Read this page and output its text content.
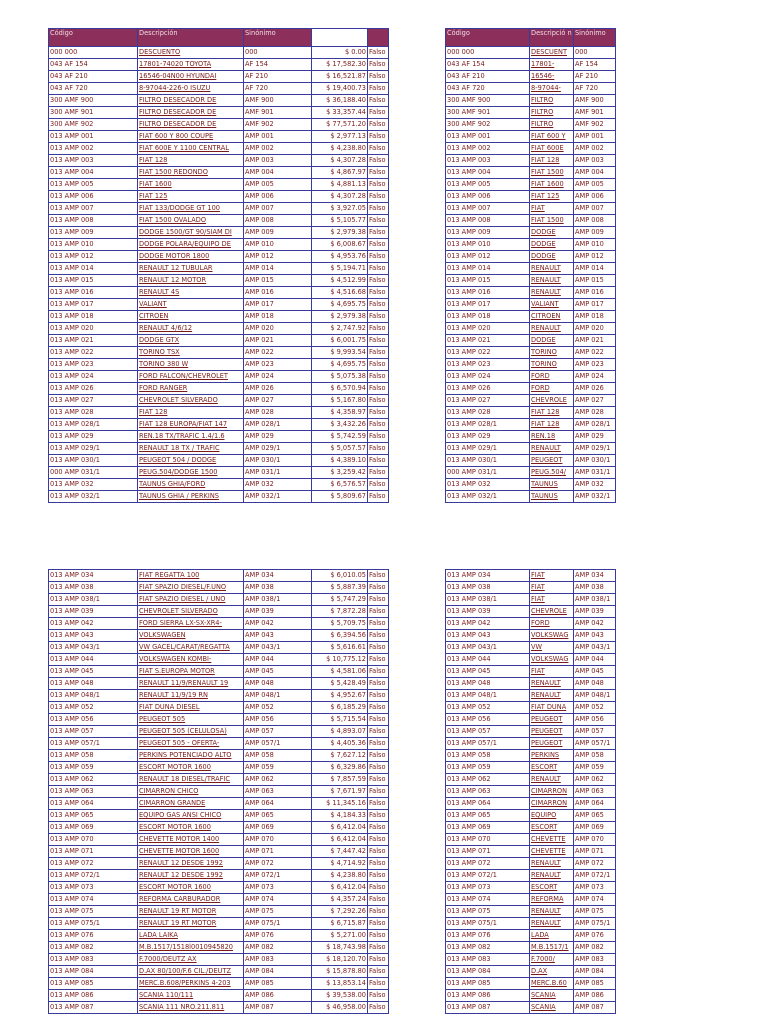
Código	Descripción	Sinónimo		
000 000	DESCUENTO	000	$ 0.00	Falso
043 AF 154	17801-74020 TOYOTA	AF 154	$ 17,582.30	Falso
043 AF 210	16546-04N00 HYUNDAI	AF 210	$ 16,521.87	Falso
043 AF 720	8-97044-226-0 ISUZU	AF 720	$ 19,400.73	Falso
300 AMF 900	FILTRO DESECADOR DE	AMF 900	$ 36,188.40	Falso
300 AMF 901	FILTRO DESECADOR DE	AMF 901	$ 33,357.44	Falso
300 AMF 902	FILTRO DESECADOR DE	AMF 902	$ 77,571.20	Falso
013 AMP 001	FIAT 600 Y 800 COUPE	AMP 001	$ 2,977.13	Falso
013 AMP 002	FIAT 600E Y 1100 CENTRAL	AMP 002	$ 4,238.80	Falso
013 AMP 003	FIAT 128	AMP 003	$ 4,307.28	Falso
013 AMP 004	FIAT 1500 REDONDO	AMP 004	$ 4,867.97	Falso
013 AMP 005	FIAT 1600	AMP 005	$ 4,881.13	Falso
013 AMP 006	FIAT 125	AMP 006	$ 4,307.28	Falso
013 AMP 007	FIAT 133/DODGE GT 100	AMP 007	$ 3,927.05	Falso
013 AMP 008	FIAT 1500 OVALADO	AMP 008	$ 5,105.77	Falso
013 AMP 009	DODGE 1500/GT 90/SIAM DI	AMP 009	$ 2,979.38	Falso
013 AMP 010	DODGE POLARA/EQUIPO DE	AMP 010	$ 6,008.67	Falso
013 AMP 012	DODGE MOTOR 1800	AMP 012	$ 4,953.76	Falso
013 AMP 014	RENAULT 12 TUBULAR	AMP 014	$ 5,194.71	Falso
013 AMP 015	RENAULT 12 MOTOR	AMP 015	$ 4,512.99	Falso
013 AMP 016	RENAULT 4S	AMP 016	$ 4,516.68	Falso
013 AMP 017	VALIANT	AMP 017	$ 4,695.75	Falso
013 AMP 018	CITROEN	AMP 018	$ 2,979.38	Falso
013 AMP 020	RENAULT 4/6/12	AMP 020	$ 2,747.92	Falso
013 AMP 021	DODGE GTX	AMP 021	$ 6,001.75	Falso
013 AMP 022	TORINO TSX	AMP 022	$ 9,993.54	Falso
013 AMP 023	TORINO 380 W	AMP 023	$ 4,695.75	Falso
013 AMP 024	FORD FALCON/CHEVROLET	AMP 024	$ 5,075.38	Falso
013 AMP 026	FORD RANGER	AMP 026	$ 6,570.94	Falso
013 AMP 027	CHEVROLET SILVERADO	AMP 027	$ 5,167.80	Falso
013 AMP 028	FIAT 128	AMP 028	$ 4,358.97	Falso
013 AMP 028/1	FIAT 128 EUROPA/FIAT 147	AMP 028/1	$ 3,432.26	Falso
013 AMP 029	REN.18 TX/TRAFIC 1.4/1.6	AMP 029	$ 5,742.59	Falso
013 AMP 029/1	RENAULT 18 TX / TRAFIC	AMP 029/1	$ 5,057.57	Falso
013 AMP 030/1	PEUGEOT 504 / DODGE	AMP 030/1	$ 4,389.10	Falso
000 AMP 031/1	PEUG.504/DODGE 1500	AMP 031/1	$ 3,259.42	Falso
013 AMP 032	TAUNUS GHIA/FORD	AMP 032	$ 6,576.57	Falso
013 AMP 032/1	TAUNUS GHIA / PERKINS	AMP 032/1	$ 5,809.67	Falso
Código	Descripció n	Sinónimo
000 000	DESCUENT	000
043 AF 154	17801-	AF 154
043 AF 210	16546-	AF 210
043 AF 720	8-97044-	AF 720
300 AMF 900	FILTRO	AMF 900
300 AMF 901	FILTRO	AMF 901
300 AMF 902	FILTRO	AMF 902
013 AMP 001	FIAT 600 Y	AMP 001
013 AMP 002	FIAT 600E	AMP 002
013 AMP 003	FIAT 128	AMP 003
013 AMP 004	FIAT 1500	AMP 004
013 AMP 005	FIAT 1600	AMP 005
013 AMP 006	FIAT 125	AMP 006
013 AMP 007	FIAT	AMP 007
013 AMP 008	FIAT 1500	AMP 008
013 AMP 009	DODGE	AMP 009
013 AMP 010	DODGE	AMP 010
013 AMP 012	DODGE	AMP 012
013 AMP 014	RENAULT	AMP 014
013 AMP 015	RENAULT	AMP 015
013 AMP 016	RENAULT	AMP 016
013 AMP 017	VALIANT	AMP 017
013 AMP 018	CITROEN	AMP 018
013 AMP 020	RENAULT	AMP 020
013 AMP 021	DODGE	AMP 021
013 AMP 022	TORINO	AMP 022
013 AMP 023	TORINO	AMP 023
013 AMP 024	FORD	AMP 024
013 AMP 026	FORD	AMP 026
013 AMP 027	CHEVROLE	AMP 027
013 AMP 028	FIAT 128	AMP 028
013 AMP 028/1	FIAT 128	AMP 028/1
013 AMP 029	REN.18	AMP 029
013 AMP 029/1	RENAULT	AMP 029/1
013 AMP 030/1	PEUGEOT	AMP 030/1
000 AMP 031/1	PEUG.504/	AMP 031/1
013 AMP 032	TAUNUS	AMP 032
013 AMP 032/1	TAUNUS	AMP 032/1
013 AMP 034	FIAT REGATTA 100	AMP 034	$ 6,010.05	Falso
013 AMP 038	FIAT SPAZIO DIESEL/F.UNO	AMP 038	$ 5,887.39	Falso
013 AMP 038/1	FIAT SPAZIO DIESEL / UNO	AMP 038/1	$ 5,747.29	Falso
013 AMP 039	CHEVROLET SILVERADO	AMP 039	$ 7,872.28	Falso
013 AMP 042	FORD SIERRA LX-SX-XR4-	AMP 042	$ 5,709.75	Falso
013 AMP 043	VOLKSWAGEN	AMP 043	$ 6,394.56	Falso
013 AMP 043/1	VW GACEL/CARAT/REGATTA	AMP 043/1	$ 5,616.61	Falso
013 AMP 044	VOLKSWAGEN KOMBI-	AMP 044	$ 10,775.12	Falso
013 AMP 045	FIAT S.EUROPA MOTOR	AMP 045	$ 4,581.06	Falso
013 AMP 048	RENAULT 11/9/RENAULT 19	AMP 048	$ 5,428.49	Falso
013 AMP 048/1	RENAULT 11/9/19 RN	AMP 048/1	$ 4,952.67	Falso
013 AMP 052	FIAT DUNA DIESEL	AMP 052	$ 6,185.29	Falso
013 AMP 056	PEUGEOT 505	AMP 056	$ 5,715.54	Falso
013 AMP 057	PEUGEOT 505 (CELULOSA)	AMP 057	$ 4,893.07	Falso
013 AMP 057/1	PEUGEOT 505 - OFERTA-	AMP 057/1	$ 4,405.36	Falso
013 AMP 058	PERKINS POTENCIADO ALTO	AMP 058	$ 7,627.12	Falso
013 AMP 059	ESCORT MOTOR 1600	AMP 059	$ 6,329.86	Falso
013 AMP 062	RENAULT 18 DIESEL/TRAFIC	AMP 062	$ 7,857.59	Falso
013 AMP 063	CIMARRON CHICO	AMP 063	$ 7,671.97	Falso
013 AMP 064	CIMARRON GRANDE	AMP 064	$ 11,345.16	Falso
013 AMP 065	EQUIPO GAS ANSI CHICO	AMP 065	$ 4,184.33	Falso
013 AMP 069	ESCORT MOTOR 1600	AMP 069	$ 6,412.04	Falso
013 AMP 070	CHEVETTE MOTOR 1400	AMP 070	$ 6,412.04	Falso
013 AMP 071	CHEVETTE MOTOR 1600	AMP 071	$ 7,447.42	Falso
013 AMP 072	RENAULT 12 DESDE 1992	AMP 072	$ 4,714.92	Falso
013 AMP 072/1	RENAULT 12 DESDE 1992	AMP 072/1	$ 4,238.80	Falso
013 AMP 073	ESCORT MOTOR 1600	AMP 073	$ 6,412.04	Falso
013 AMP 074	REFORMA CARBURADOR	AMP 074	$ 4,357.24	Falso
013 AMP 075	RENAULT 19 RT MOTOR	AMP 075	$ 7,292.26	Falso
013 AMP 075/1	RENAULT 19 RT MOTOR	AMP 075/1	$ 6,715.87	Falso
013 AMP 076	LADA LAIKA	AMP 076	$ 5,271.00	Falso
013 AMP 082	M.B.1517/1518l0010945820	AMP 082	$ 18,743.98	Falso
013 AMP 083	F.7000/DEUTZ AX	AMP 083	$ 18,120.70	Falso
013 AMP 084	D.AX 80/100/F.6 CIL./DEUTZ	AMP 084	$ 15,878.80	Falso
013 AMP 085	MERC.B.608/PERKINS 4-203	AMP 085	$ 13,853.14	Falso
013 AMP 086	SCANIA 110/111	AMP 086	$ 39,538.00	Falso
013 AMP 087	SCANIA 111 NRO.211.811	AMP 087	$ 46,958.00	Falso
013 AMP 034	FIAT	AMP 034
013 AMP 038	FIAT	AMP 038
013 AMP 038/1	FIAT	AMP 038/1
013 AMP 039	CHEVROLE	AMP 039
013 AMP 042	FORD	AMP 042
013 AMP 043	VOLKSWAG	AMP 043
013 AMP 043/1	VW	AMP 043/1
013 AMP 044	VOLKSWAG	AMP 044
013 AMP 045	FIAT	AMP 045
013 AMP 048	RENAULT	AMP 048
013 AMP 048/1	RENAULT	AMP 048/1
013 AMP 052	FIAT DUNA	AMP 052
013 AMP 056	PEUGEOT	AMP 056
013 AMP 057	PEUGEOT	AMP 057
013 AMP 057/1	PEUGEOT	AMP 057/1
013 AMP 058	PERKINS	AMP 058
013 AMP 059	ESCORT	AMP 059
013 AMP 062	RENAULT	AMP 062
013 AMP 063	CIMARRON	AMP 063
013 AMP 064	CIMARRON	AMP 064
013 AMP 065	EQUIPO	AMP 065
013 AMP 069	ESCORT	AMP 069
013 AMP 070	CHEVETTE	AMP 070
013 AMP 071	CHEVETTE	AMP 071
013 AMP 072	RENAULT	AMP 072
013 AMP 072/1	RENAULT	AMP 072/1
013 AMP 073	ESCORT	AMP 073
013 AMP 074	REFORMA	AMP 074
013 AMP 075	RENAULT	AMP 075
013 AMP 075/1	RENAULT	AMP 075/1
013 AMP 076	LADA	AMP 076
013 AMP 082	M.B.1517/1	AMP 082
013 AMP 083	F.7000/	AMP 083
013 AMP 084	D.AX	AMP 084
013 AMP 085	MERC.B.60	AMP 085
013 AMP 086	SCANIA	AMP 086
013 AMP 087	SCANIA	AMP 087
